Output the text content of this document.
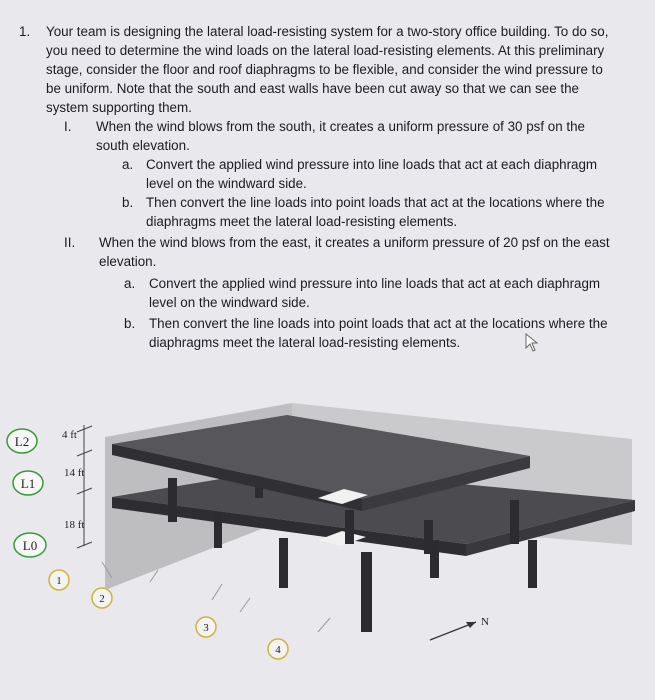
1. Your team is designing the lateral load-resisting system for a two-story office building. To do so,
you need to determine the wind loads on the lateral load-resisting elements. At this preliminary
stage, consider the floor and roof diaphragms to be flexible, and consider the wind pressure to
be uniform. Note that the south and east walls have been cut away so that we can see the
system supporting them.
I. When the wind blows from the south, it creates a uniform pressure of 30 psf on the
south elevation.
a. Convert the applied wind pressure into line loads that act at each diaphragm
level on the windward side.
b. Then convert the line loads into point loads that act at the locations where the
diaphragms meet the lateral load-resisting elements.
II. When the wind blows from the east, it creates a uniform pressure of 20 psf on the east
elevation.
a. Convert the applied wind pressure into line loads that act at each diaphragm
level on the windward side.
b. Then convert the line loads into point loads that act at the locations where the
diaphragms meet the lateral load-resisting elements.
L2
L1
L0
4 ft
14 ft
18 ft
1
2
3
4
N
